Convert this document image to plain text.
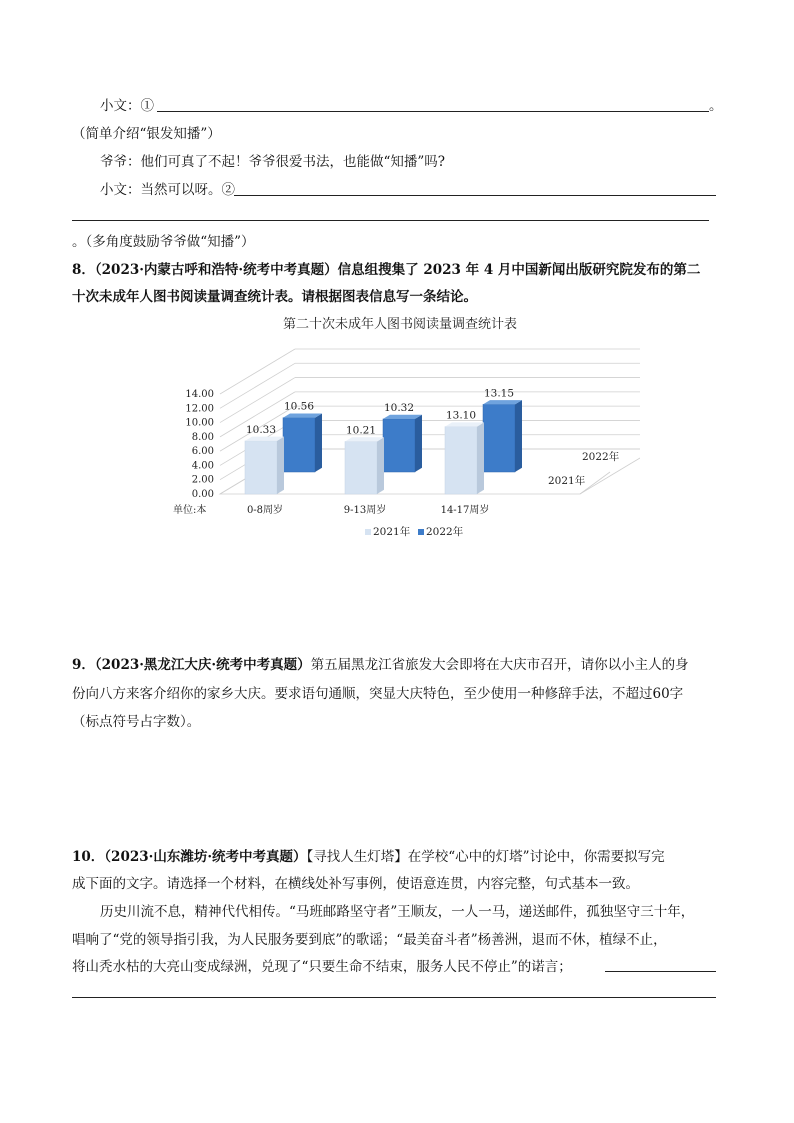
小文：①	。
（简单介绍“银发知播”）
爷爷：他们可真了不起！爷爷很爱书法，也能做“知播”吗?
小文：当然可以呀。②
。（多角度鼓励爷爷做“知播”）
8．（2023·内蒙古呼和浩特·统考中考真题）信息组搜集了 2023 年 4 月中国新闻出版研究院发布的第二
十次未成年人图书阅读量调查统计表。请根据图表信息写一条结论。
0.00
2.00
4.00
6.00
8.00
10.00
12.00
14.00
10.56
10.33
0-8周岁
10.32
10.21
9-13周岁
13.15
13.10
14-17周岁
第二十次未成年人图书阅读量调查统计表
单位:本
2022年
2021年
2021年 2022年
9．（2023·黑龙江大庆·统考中考真题）第五届黑龙江省旅发大会即将在大庆市召开，请你以小主人的身
份向八方来客介绍你的家乡大庆。要求语句通顺，突显大庆特色，至少使用一种修辞手法，不超过60字
（标点符号占字数）。
10．（2023·山东潍坊·统考中考真题）【寻找人生灯塔】在学校“心中的灯塔”讨论中，你需要拟写完
成下面的文字。请选择一个材料，在横线处补写事例，使语意连贯，内容完整，句式基本一致。
历史川流不息，精神代代相传。“马班邮路坚守者”王顺友，一人一马，递送邮件，孤独坚守三十年，
唱响了“党的领导指引我，为人民服务要到底”的歌谣；“最美奋斗者”杨善洲，退而不休，植绿不止，
将山秃水枯的大亮山变成绿洲，兑现了“只要生命不结束，服务人民不停止”的诺言；
